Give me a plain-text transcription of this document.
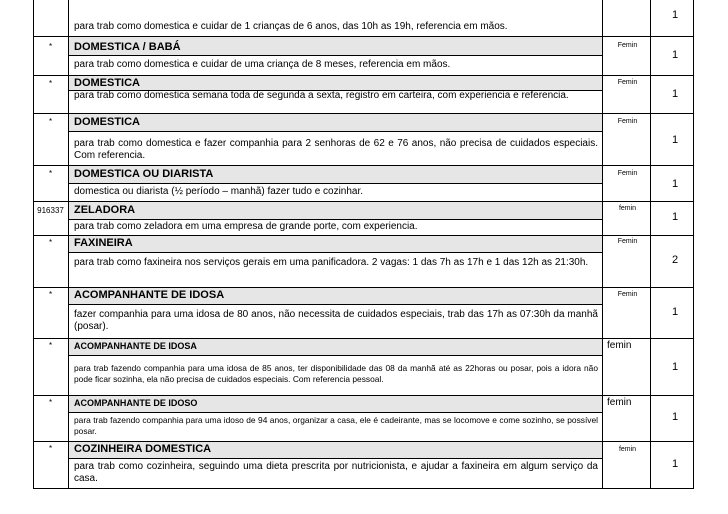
para trab como domestica e cuidar de 1 crianças de 6 anos, das 10h as 19h, referencia em mãos.
1
*	DOMESTICA / BABÁ	Femin
para trab como domestica e cuidar de uma criança de 8 meses, referencia em mãos.
1
*	DOMESTICA	Femin
para trab como domestica semana toda de segunda a sexta, registro em carteira, com experiencia e referencia.	1
*	DOMESTICA	Femin
para trab como domestica e fazer companhia para 2 senhoras de 62 e 76 anos, não precisa de cuidados especiais. Com referencia.
1
*	DOMESTICA OU DIARISTA	Femin
domestica ou diarista (½ período – manhã) fazer tudo e cozinhar.
1
916337 ZELADORA	femin
para trab como zeladora em uma empresa de grande porte, com experiencia.
1
*	FAXINEIRA	Femin
para trab como faxineira nos serviços gerais em uma panificadora. 2 vagas: 1 das 7h as 17h e 1 das 12h as 21:30h.	2
*	ACOMPANHANTE DE IDOSA	Femin
fazer companhia para uma idosa de 80 anos, não necessita de cuidados especiais, trab das 17h as 07:30h da manhã (posar).
1
*	ACOMPANHANTE DE IDOSA	femin
para trab fazendo companhia para uma idosa de 85 anos, ter disponibilidade das 08 da manhã até as 22horas ou posar, pois a idora não pode ficar sozinha, ela não precisa de cuidados especiais. Com referencia pessoal.
1
*	ACOMPANHANTE DE IDOSO	femin
para trab fazendo companhia para uma idoso de 94 anos, organizar a casa, ele é cadeirante, mas se locomove e come sozinho, se possível posar.
1
*	COZINHEIRA DOMESTICA	femin
para trab como cozinheira, seguindo uma dieta prescrita por nutricionista, e ajudar a faxineira em algum serviço da casa.
1
